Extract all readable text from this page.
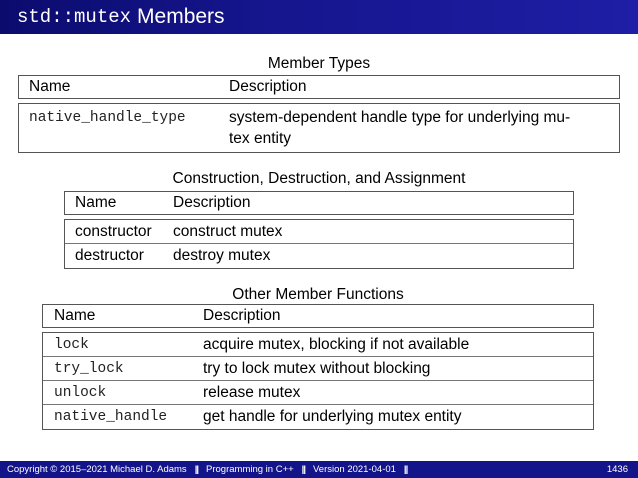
std::mutex Members
Member Types
Name	Description
native_handle_type	system-dependent handle type for underlying mu-
tex entity
Construction, Destruction, and Assignment
Name	Description
constructor	construct mutex
destructor	destroy mutex
Other Member Functions
Name	Description
lock	acquire mutex, blocking if not available
try_lock	try to lock mutex without blocking
unlock	release mutex
native_handle	get handle for underlying mutex entity
Copyright © 2015–2021 Michael D. Adams || Programming in C++ || Version 2021-04-01 ||	1436
